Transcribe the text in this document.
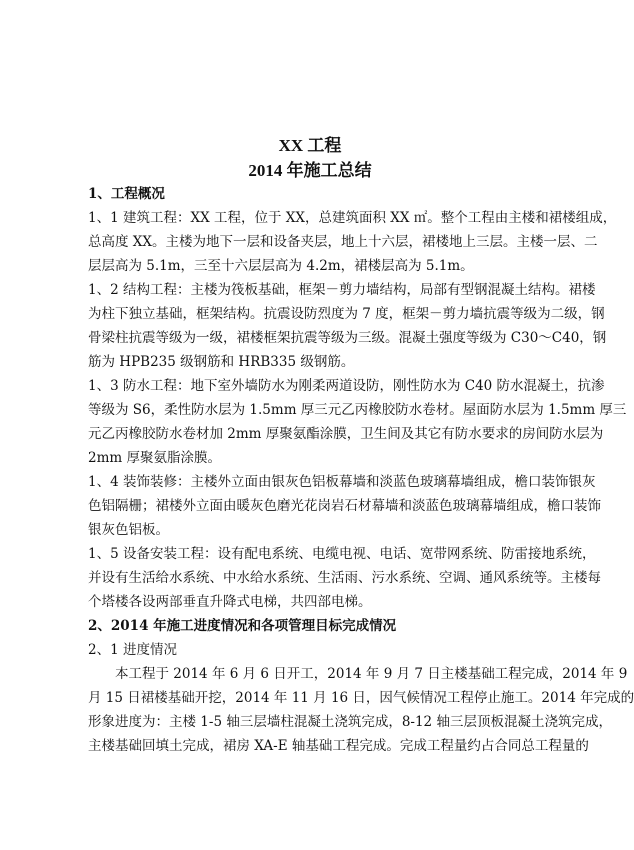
XX 工程
2014 年施工总结
1、工程概况
1、1 建筑工程：XX 工程，位于 XX，总建筑面积 XX ㎡。整个工程由主楼和裙楼组成，
总高度 XX。主楼为地下一层和设备夹层，地上十六层，裙楼地上三层。主楼一层、二
层层高为 5.1m，三至十六层层高为 4.2m，裙楼层高为 5.1m。
1、2 结构工程：主楼为筏板基础，框架－剪力墙结构，局部有型钢混凝土结构。裙楼
为柱下独立基础，框架结构。抗震设防烈度为 7 度，框架－剪力墙抗震等级为二级，钢
骨梁柱抗震等级为一级，裙楼框架抗震等级为三级。混凝土强度等级为 C30～C40，钢
筋为 HPB235 级钢筋和 HRB335 级钢筋。
1、3 防水工程：地下室外墙防水为刚柔两道设防，刚性防水为 C40 防水混凝土，抗渗
等级为 S6，柔性防水层为 1.5mm 厚三元乙丙橡胶防水卷材。屋面防水层为 1.5mm 厚三
元乙丙橡胶防水卷材加 2mm 厚聚氨酯涂膜，卫生间及其它有防水要求的房间防水层为
2mm 厚聚氨脂涂膜。
1、4 装饰装修：主楼外立面由银灰色铝板幕墙和淡蓝色玻璃幕墙组成，檐口装饰银灰
色铝隔栅；裙楼外立面由暖灰色磨光花岗岩石材幕墙和淡蓝色玻璃幕墙组成，檐口装饰
银灰色铝板。
1、5 设备安装工程：设有配电系统、电缆电视、电话、宽带网系统、防雷接地系统，
并设有生活给水系统、中水给水系统、生活雨、污水系统、空调、通风系统等。主楼每
个塔楼各设两部垂直升降式电梯，共四部电梯。
2、2014 年施工进度情况和各项管理目标完成情况
2、1 进度情况
本工程于 2014 年 6 月 6 日开工，2014 年 9 月 7 日主楼基础工程完成，2014 年 9
月 15 日裙楼基础开挖，2014 年 11 月 16 日，因气候情况工程停止施工。2014 年完成的
形象进度为：主楼 1-5 轴三层墙柱混凝土浇筑完成，8-12 轴三层顶板混凝土浇筑完成，
主楼基础回填土完成，裙房 XA-E 轴基础工程完成。完成工程量约占合同总工程量的
